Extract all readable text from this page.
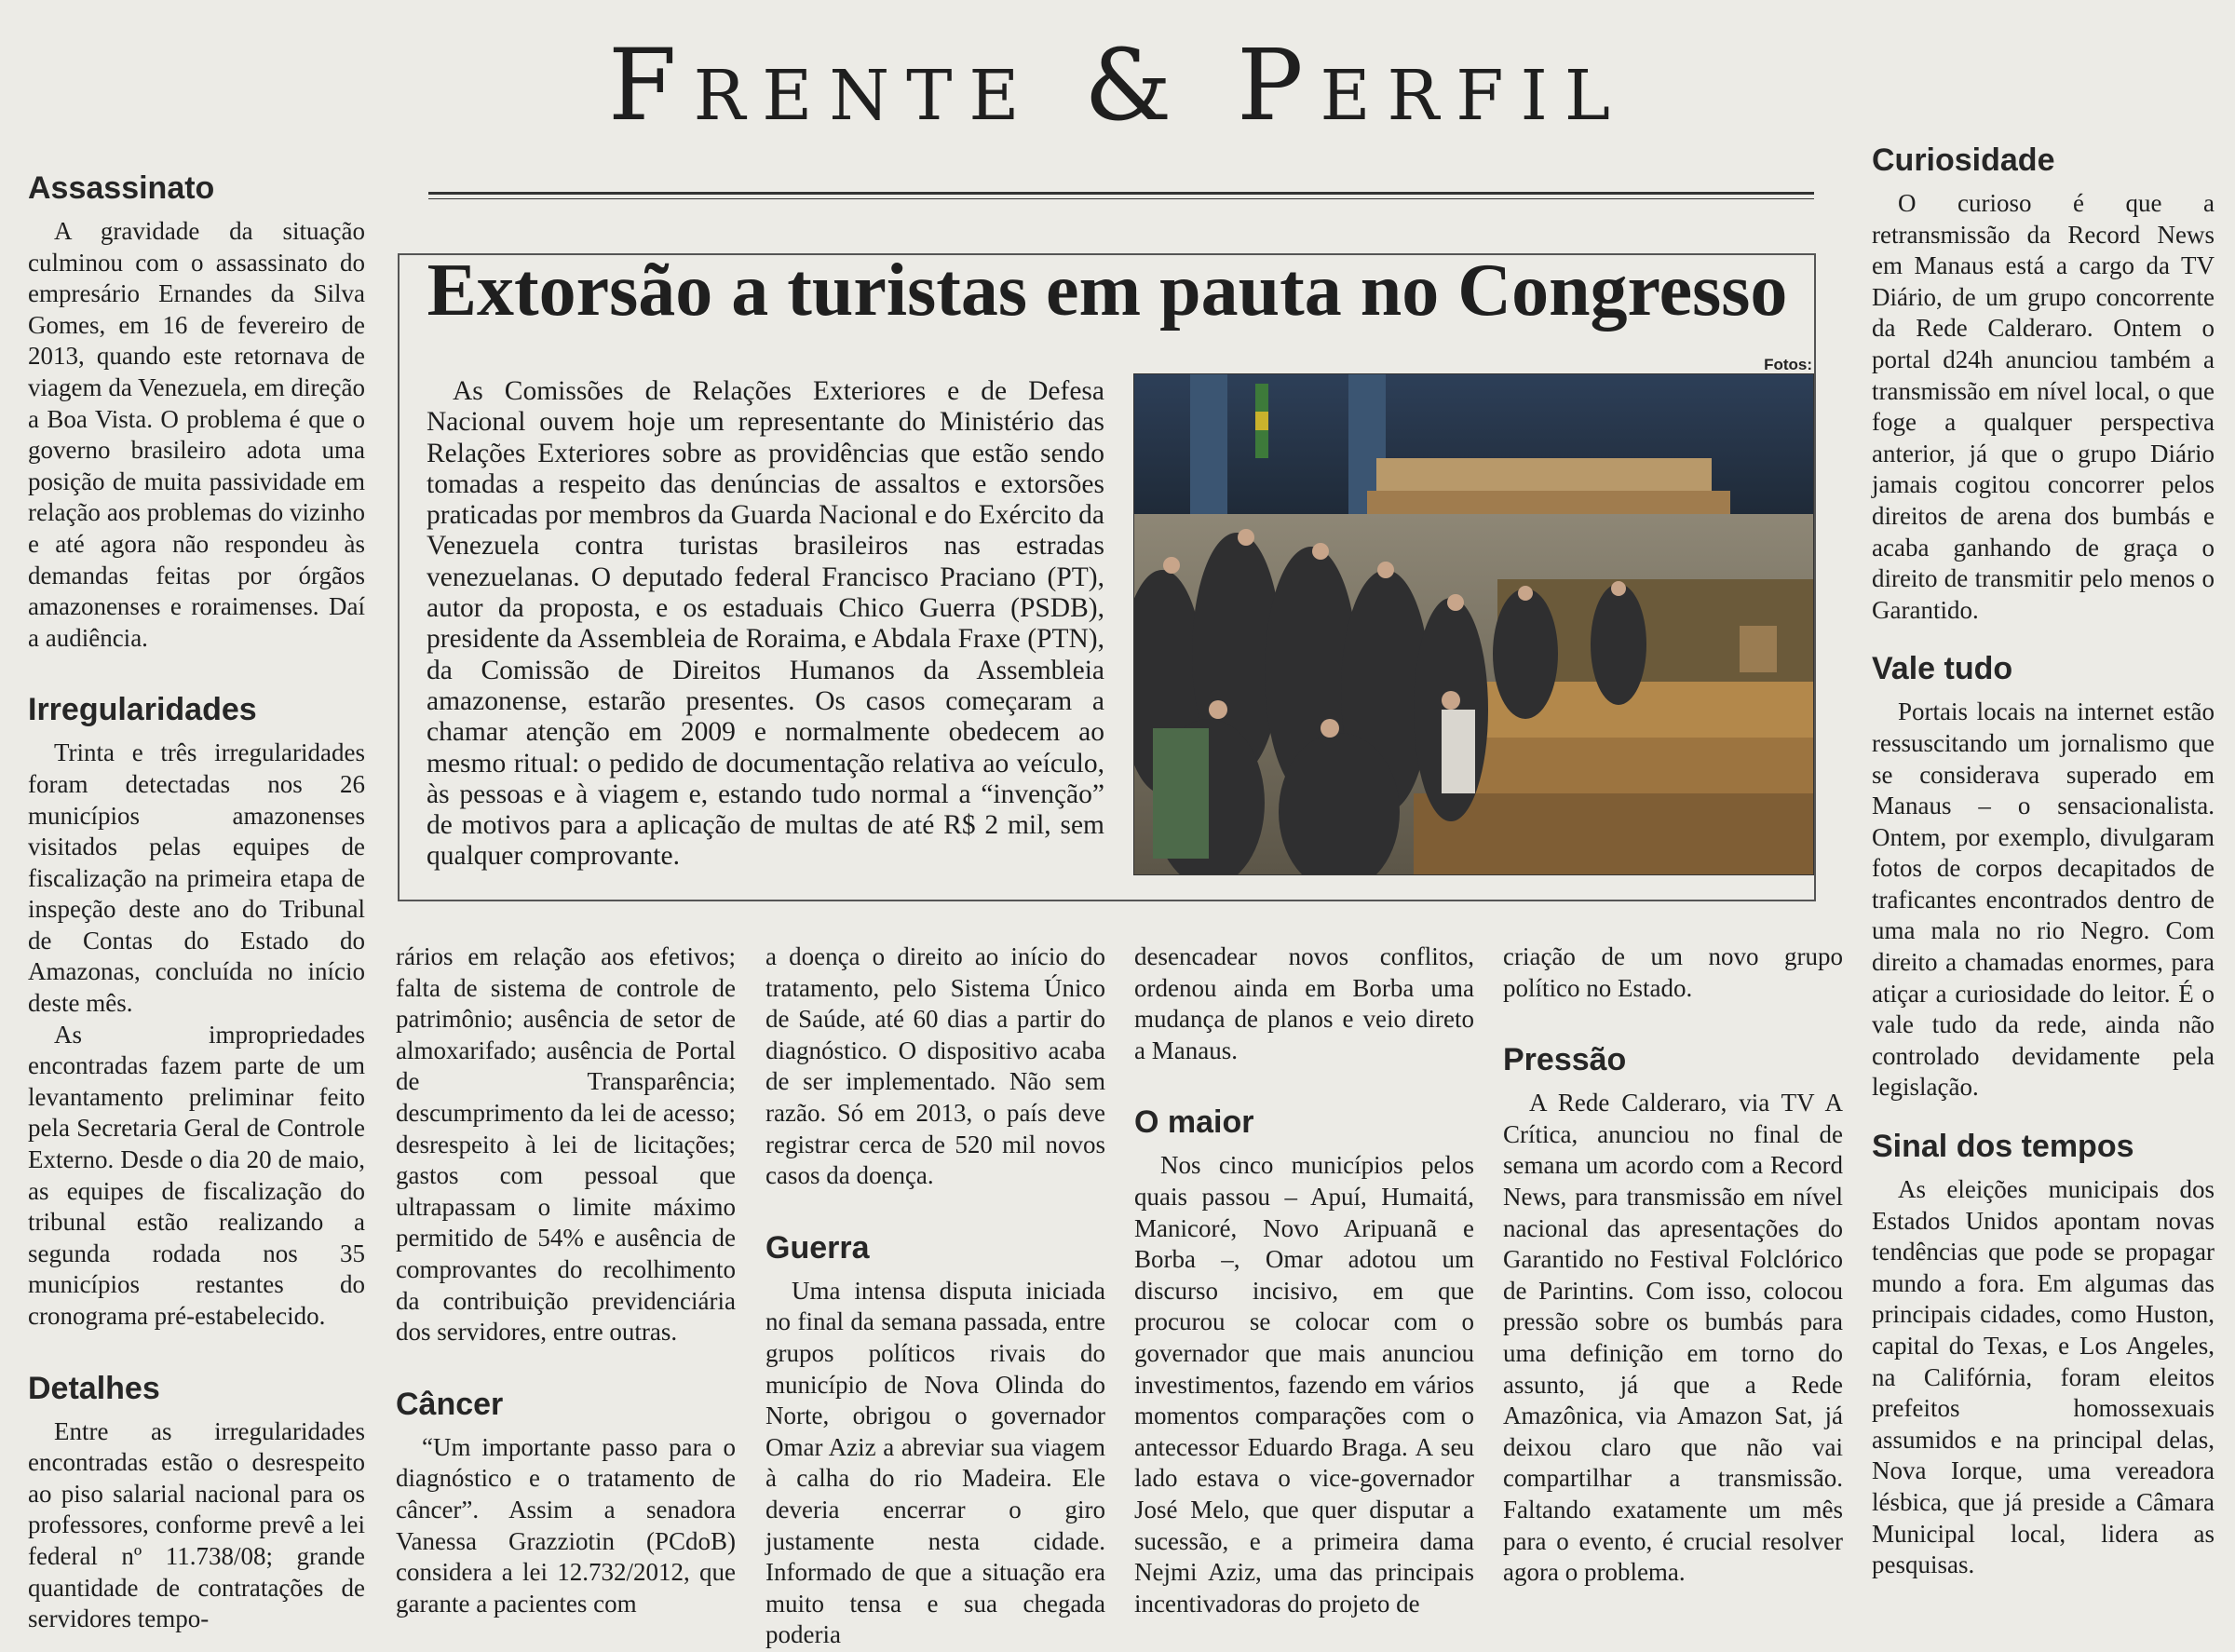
Frente & Perfil
Extorsão a turistas em pauta no Congresso

As Comissões de Relações Exteriores e de Defesa Nacional ouvem hoje um representante do Ministério das Relações Exteriores sobre as providências que estão sendo tomadas a respeito das denúncias de assaltos e extorsões praticadas por membros da Guarda Nacional e do Exército da Venezuela contra turistas brasileiros nas estradas venezuelanas. O deputado federal Francisco Praciano (PT), autor da proposta, e os estaduais Chico Guerra (PSDB), presidente da Assembleia de Roraima, e Abdala Fraxe (PTN), da Comissão de Direitos Humanos da Assembleia amazonense, estarão presentes. Os casos começaram a chamar atenção em 2009 e normalmente obedecem ao mesmo ritual: o pedido de documentação relativa ao veículo, às pessoas e à viagem e, estando tudo normal a “invenção” de motivos para a aplicação de multas de até R$ 2 mil, sem qualquer comprovante.

Fotos:
Assassinato

A gravidade da situação culminou com o assassinato do empresário Ernandes da Silva Gomes, em 16 de fevereiro de 2013, quando este retornava de viagem da Venezuela, em direção a Boa Vista. O problema é que o governo brasileiro adota uma posição de muita passividade em relação aos problemas do vizinho e até agora não respondeu às demandas feitas por órgãos amazonenses e roraimenses. Daí a audiência.

Irregularidades

Trinta e três irregularidades foram detectadas nos 26 municípios amazonenses visitados pelas equipes de fiscalização na primeira etapa de inspeção deste ano do Tribunal de Contas do Estado do Amazonas, concluída no início deste mês.

As impropriedades encontradas fazem parte de um levantamento preliminar feito pela Secretaria Geral de Controle Externo. Desde o dia 20 de maio, as equipes de fiscalização do tribunal estão realizando a segunda rodada nos 35 municípios restantes do cronograma pré-estabelecido.

Detalhes

Entre as irregularidades encontradas estão o desrespeito ao piso salarial nacional para os professores, conforme prevê a lei federal nº 11.738/08; grande quantidade de contratações de servidores tempo-

rários em relação aos efetivos; falta de sistema de controle de patrimônio; ausência de setor de almoxarifado; ausência de Portal de Transparência; descumprimento da lei de acesso; desrespeito à lei de licitações; gastos com pessoal que ultrapassam o limite máximo permitido de 54% e ausência de comprovantes do recolhimento da contribuição previdenciária dos servidores, entre outras.

Câncer

“Um importante passo para o diagnóstico e o tratamento de câncer”. Assim a senadora Vanessa Grazziotin (PCdoB) considera a lei 12.732/2012, que garante a pacientes com

a doença o direito ao início do tratamento, pelo Sistema Único de Saúde, até 60 dias a partir do diagnóstico. O dispositivo acaba de ser implementado. Não sem razão. Só em 2013, o país deve registrar cerca de 520 mil novos casos da doença.

Guerra

Uma intensa disputa iniciada no final da semana passada, entre grupos políticos rivais do município de Nova Olinda do Norte, obrigou o governador Omar Aziz a abreviar sua viagem à calha do rio Madeira. Ele deveria encerrar o giro justamente nesta cidade. Informado de que a situação era muito tensa e sua chegada poderia

desencadear novos conflitos, ordenou ainda em Borba uma mudança de planos e veio direto a Manaus.

O maior

Nos cinco municípios pelos quais passou – Apuí, Humaitá, Manicoré, Novo Aripuanã e Borba –, Omar adotou um discurso incisivo, em que procurou se colocar com o governador que mais anunciou investimentos, fazendo em vários momentos comparações com o antecessor Eduardo Braga. A seu lado estava o vice-governador José Melo, que quer disputar a sucessão, e a primeira dama Nejmi Aziz, uma das principais incentivadoras do projeto de

criação de um novo grupo político no Estado.

Pressão

A Rede Calderaro, via TV A Crítica, anunciou no final de semana um acordo com a Record News, para transmissão em nível nacional das apresentações do Garantido no Festival Folclórico de Parintins. Com isso, colocou pressão sobre os bumbás para uma definição em torno do assunto, já que a Rede Amazônica, via Amazon Sat, já deixou claro que não vai compartilhar a transmissão. Faltando exatamente um mês para o evento, é crucial resolver agora o problema.

Curiosidade

O curioso é que a retransmissão da Record News em Manaus está a cargo da TV Diário, de um grupo concorrente da Rede Calderaro. Ontem o portal d24h anunciou também a transmissão em nível local, o que foge a qualquer perspectiva anterior, já que o grupo Diário jamais cogitou concorrer pelos direitos de arena dos bumbás e acaba ganhando de graça o direito de transmitir pelo menos o Garantido.

Vale tudo

Portais locais na internet estão ressuscitando um jornalismo que se considerava superado em Manaus – o sensacionalista. Ontem, por exemplo, divulgaram fotos de corpos decapitados de traficantes encontrados dentro de uma mala no rio Negro. Com direito a chamadas enormes, para atiçar a curiosidade do leitor. É o vale tudo da rede, ainda não controlado devidamente pela legislação.

Sinal dos tempos

As eleições municipais dos Estados Unidos apontam novas tendências que pode se propagar mundo a fora. Em algumas das principais cidades, como Huston, capital do Texas, e Los Angeles, na Califórnia, foram eleitos prefeitos homossexuais assumidos e na principal delas, Nova Iorque, uma vereadora lésbica, que já preside a Câmara Municipal local, lidera as pesquisas.
